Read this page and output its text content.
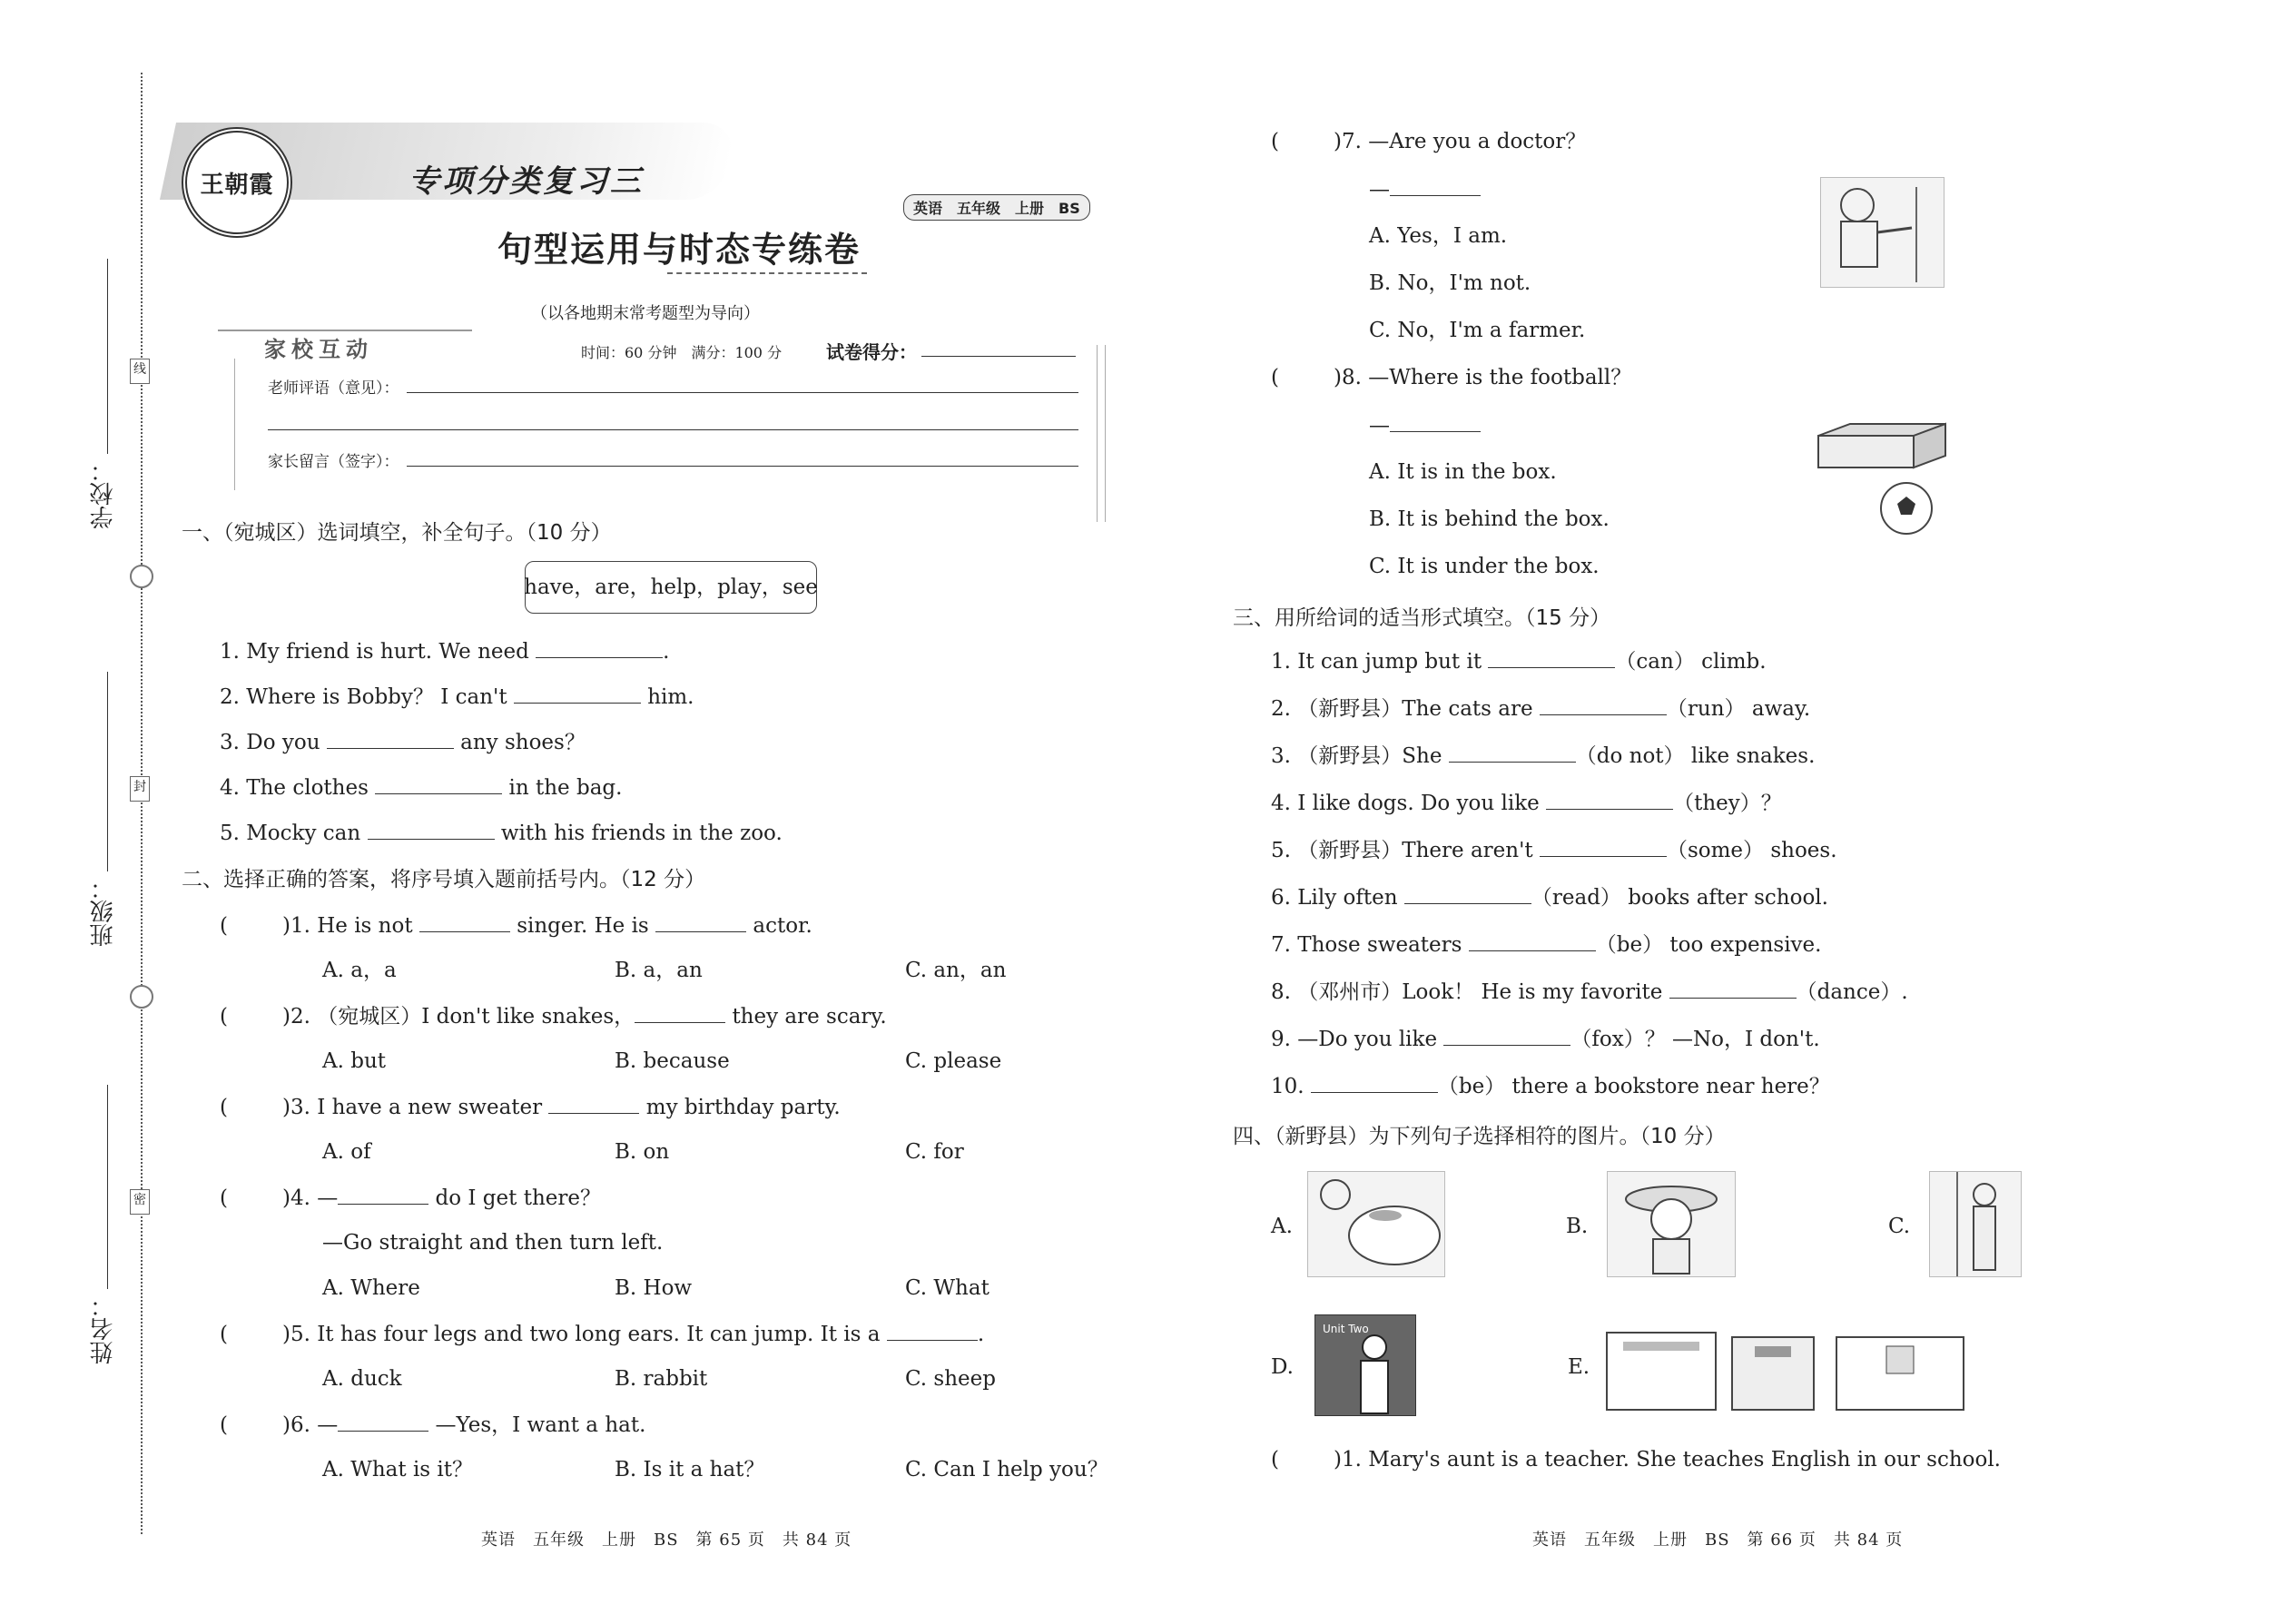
线
封
密
学校：
班级：
姓名：
王朝霞	专项分类复习三
英语　五年级　上册　BS
句型运用与时态专练卷
（以各地期末常考题型为导向）
家校互动	时间：60 分钟　满分：100 分 试卷得分：
老师评语（意见）：
家长留言（签字）：
一、（宛城区）选词填空，补全句子。（10 分）
have，are，help，play，see
1. My friend is hurt. We need	.
2. Where is Bobby？ I can't	him.
3. Do you	any shoes？
4. The clothes	in the bag.
5. Mocky can	with his friends in the zoo.
二、选择正确的答案，将序号填入题前括号内。（12 分）
(	)1. He is not	singer. He is	actor.
A. a，a	B. a，an	C. an，an
(	)2. （宛城区）I don't like snakes，	they are scary.
A. but	B. because	C. please
(	)3. I have a new sweater	my birthday party.
A. of	B. on	C. for
(	)4. —	do I get there？
—Go straight and then turn left.
A. Where	B. How	C. What
(	)5. It has four legs and two long ears. It can jump. It is a	.
A. duck	B. rabbit	C. sheep
(	)6. —	—Yes，I want a hat.
A. What is it？	B. Is it a hat？	C. Can I help you？
英语　五年级　上册　BS　第 65 页　共 84 页
(	)7. —Are you a doctor？
—
A. Yes，I am.
B. No，I'm not.
C. No，I'm a farmer.
(	)8. —Where is the football？
—
A. It is in the box.
B. It is behind the box.
C. It is under the box.
三、用所给词的适当形式填空。（15 分）
1. It can jump but it	（can） climb.
2. （新野县）The cats are	（run） away.
3. （新野县）She	（do not） like snakes.
4. I like dogs. Do you like	（they）？
5. （新野县）There aren't	（some） shoes.
6. Lily often	（read） books after school.
7. Those sweaters	（be） too expensive.
8. （邓州市）Look！ He is my favorite	（dance）.
9. —Do you like	（fox）？ —No，I don't.
10.	（be） there a bookstore near here？
四、（新野县）为下列句子选择相符的图片。（10 分）
A.	B.	C.
D.
Unit Two
E.
(	)1. Mary's aunt is a teacher. She teaches English in our school.
英语　五年级　上册　BS　第 66 页　共 84 页
